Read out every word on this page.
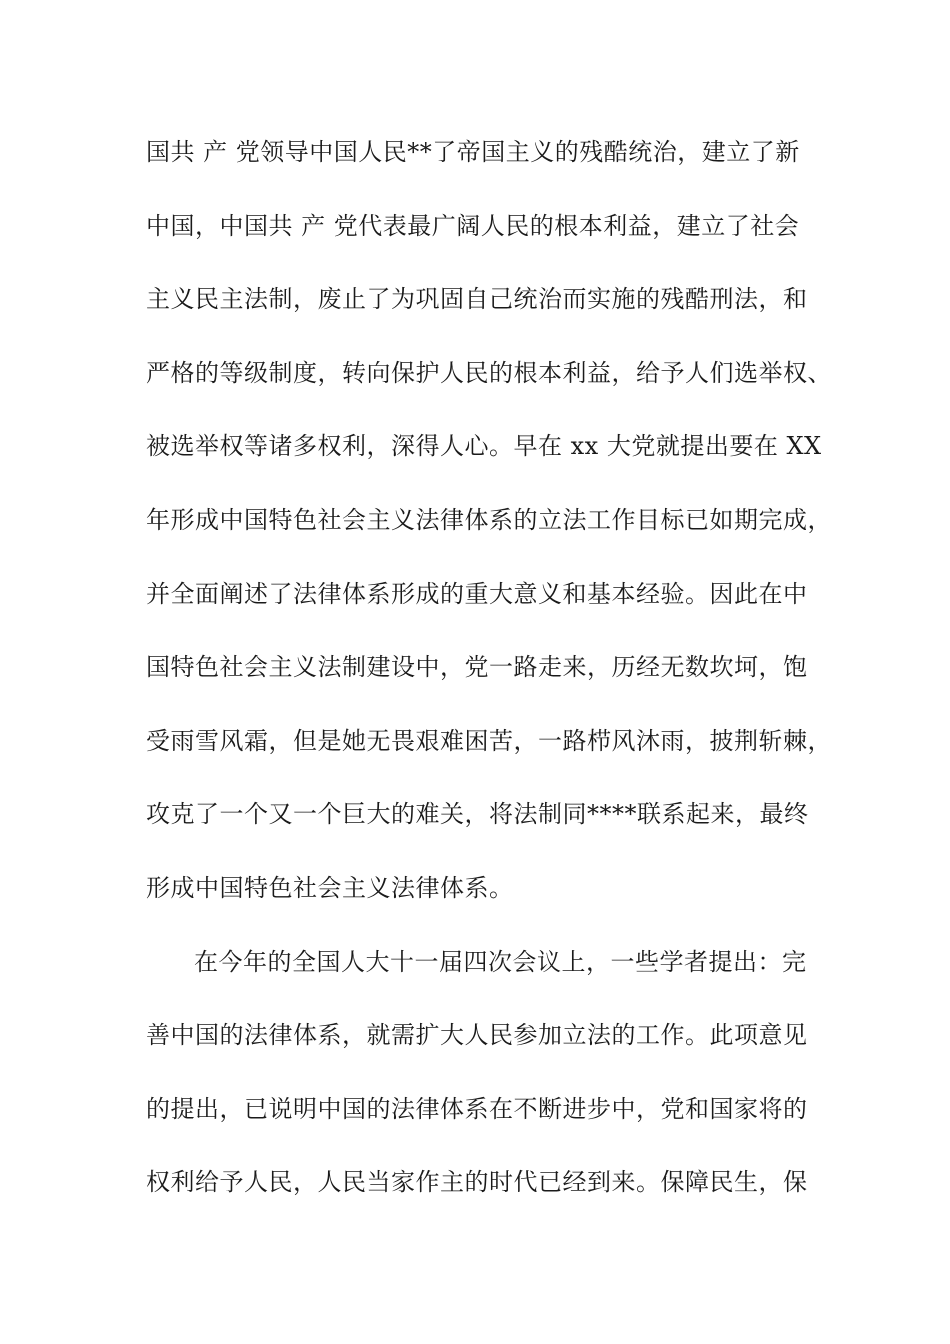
国共 产 党领导中国人民**了帝国主义的残酷统治，建立了新
中国，中国共 产 党代表最广阔人民的根本利益，建立了社会
主义民主法制，废止了为巩固自己统治而实施的残酷刑法，和
严格的等级制度，转向保护人民的根本利益，给予人们选举权、
被选举权等诸多权利，深得人心。早在 xx 大党就提出要在 XX
年形成中国特色社会主义法律体系的立法工作目标已如期完成，
并全面阐述了法律体系形成的重大意义和基本经验。因此在中
国特色社会主义法制建设中，党一路走来，历经无数坎坷，饱
受雨雪风霜，但是她无畏艰难困苦，一路栉风沐雨，披荆斩棘，
攻克了一个又一个巨大的难关，将法制同****联系起来，最终
形成中国特色社会主义法律体系。
在今年的全国人大十一届四次会议上，一些学者提出：完
善中国的法律体系，就需扩大人民参加立法的工作。此项意见
的提出，已说明中国的法律体系在不断进步中，党和国家将的
权利给予人民，人民当家作主的时代已经到来。保障民生，保
